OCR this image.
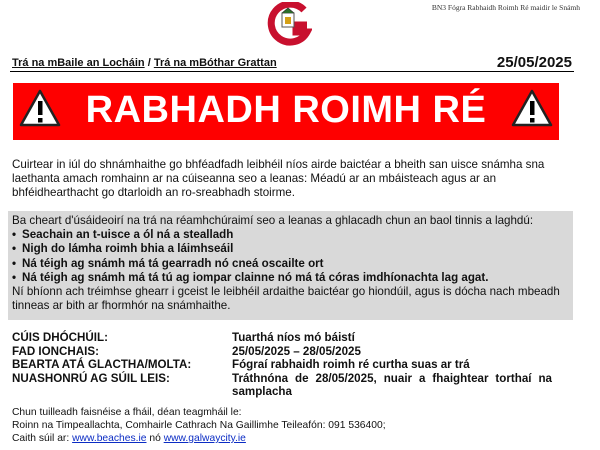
BN3 Fógra Rabhaidh Roimh Ré maidir le Snámh
Trá na mBaile an Locháin / Trá na mBóthar Grattan	25/05/2025
RABHADH ROIMH RÉ

Cuirtear in iúl do shnámhaithe go bhféadfadh leibhéil níos airde baictéar a bheith san uisce snámha sna laethanta amach romhainn ar na cúiseanna seo a leanas: Méadú ar an mbáisteach agus ar an bhféidhearthacht go dtarloidh an ro-sreabhadh stoirme.

Ba cheart d'úsáideoirí na trá na réamhchúraimí seo a leanas a ghlacadh chun an baol tinnis a laghdú:
• Seachain an t-uisce a ól ná a stealladh
• Nigh do lámha roimh bhia a láimhseáil
• Ná téigh ag snámh má tá gearradh nó cneá oscailte ort
• Ná téigh ag snámh má tá tú ag iompar clainne nó má tá córas imdhíonachta lag agat.
Ní bhíonn ach tréimhse ghearr i gceist le leibhéil ardaithe baictéar go hiondúil, agus is dócha nach mbeadh tinneas ar bith ar fhormhór na snámhaithe.
CÚIS DHÓCHÚIL:	Tuarthá níos mó báistí
FAD IONCHAIS:	25/05/2025 – 28/05/2025
BEARTA ATÁ GLACTHA/MOLTA:	Fógraí rabhaidh roimh ré curtha suas ar trá
NUASHONRÚ AG SÚIL LEIS:	Tráthnóna de 28/05/2025, nuair a fhaightear torthaí na samplacha
Chun tuilleadh faisnéise a fháil, déan teagmháil le:
Roinn na Timpeallachta, Comhairle Cathrach Na Gaillimhe Teileafón: 091 536400;
Caith súil ar: www.beaches.ie nó www.galwaycity.ie
